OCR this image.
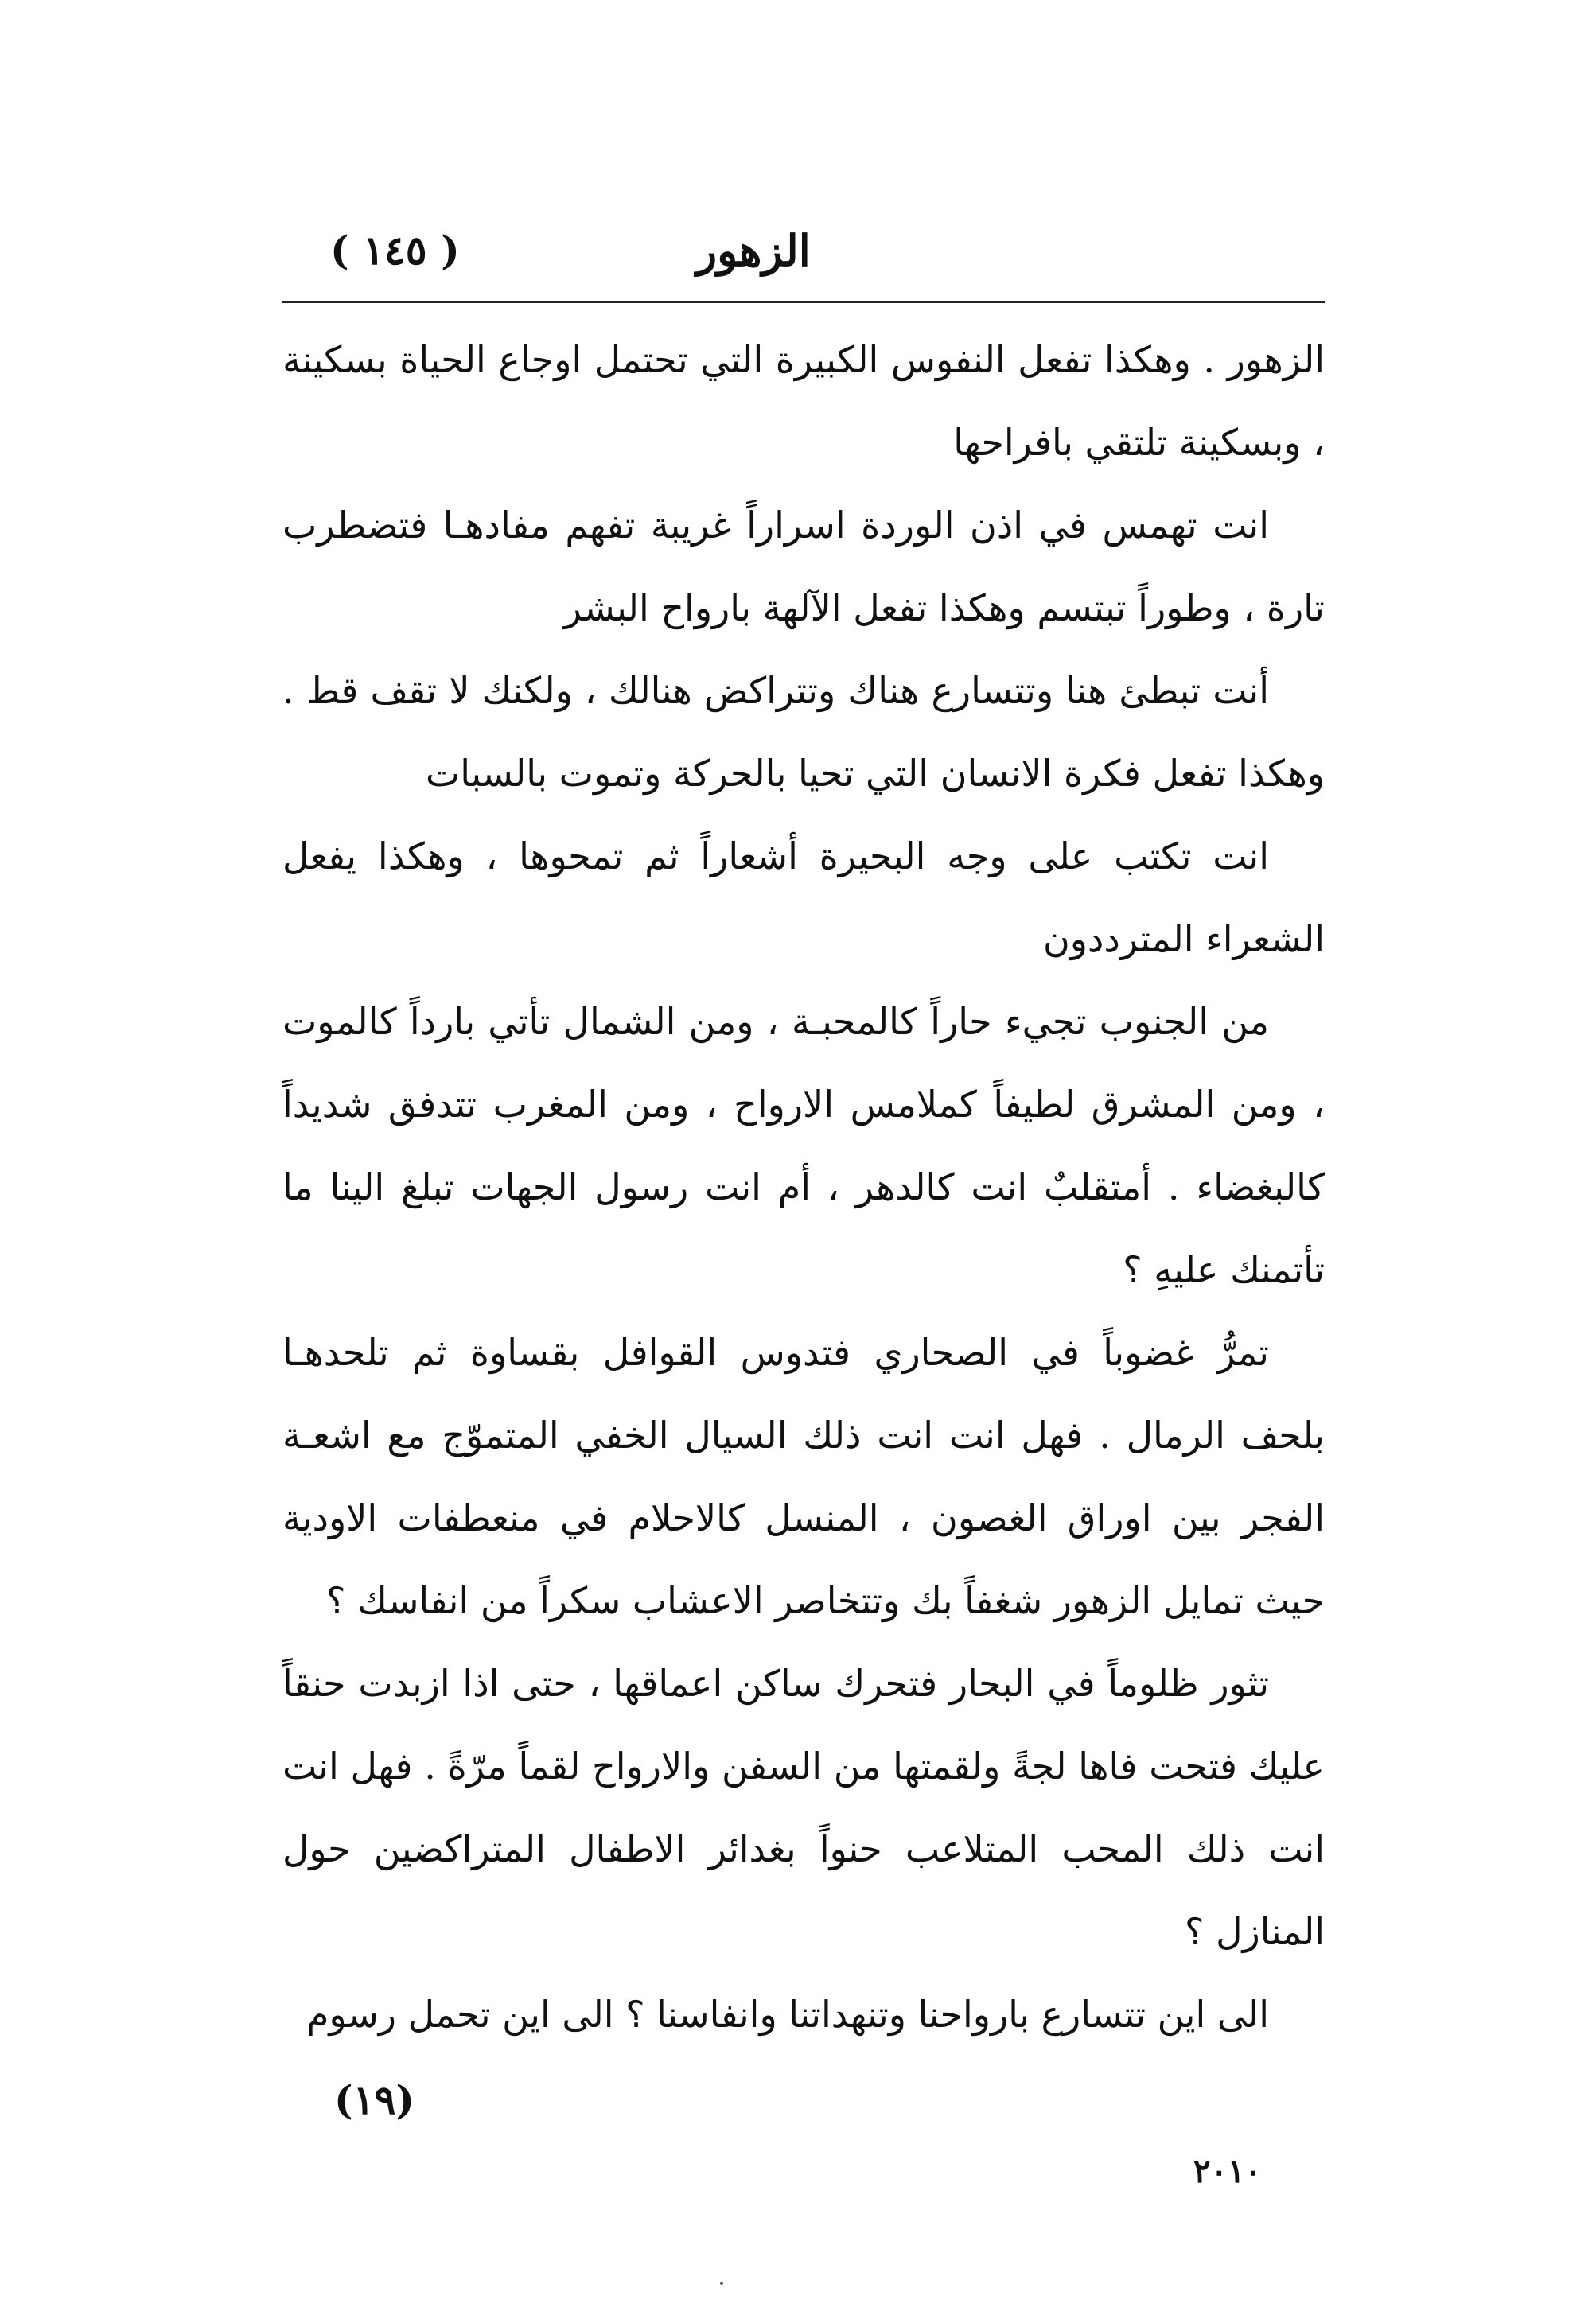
( ١٤٥ )	الزهور

الزهور . وهكذا تفعل النفوس الكبيرة التي تحتمل اوجاع الحياة بسكينة ، وبسكينة تلتقي بافراحها

انت تهمس في اذن الوردة اسراراً غريبة تفهم مفادهـا فتضطرب تارة ، وطوراً تبتسم وهكذا تفعل الآلهة بارواح البشر

أنت تبطئ هنا وتتسارع هناك وتتراكض هنالك ، ولكنك لا تقف قط . وهكذا تفعل فكرة الانسان التي تحيا بالحركة وتموت بالسبات

انت تكتب على وجه البحيرة أشعاراً ثم تمحوها ، وهكذا يفعل الشعراء المترددون

من الجنوب تجيء حاراً كالمحبـة ، ومن الشمال تأتي بارداً كالموت ، ومن المشرق لطيفاً كملامس الارواح ، ومن المغرب تتدفق شديداً كالبغضاء . أمتقلبٌ انت كالدهر ، أم انت رسول الجهات تبلغ الينا ما تأتمنك عليهِ ؟

تمرُّ غضوباً في الصحاري فتدوس القوافل بقساوة ثم تلحدهـا بلحف الرمال . فهل انت انت ذلك السيال الخفي المتموّج مع اشعـة الفجر بين اوراق الغصون ، المنسل كالاحلام في منعطفات الاودية حيث تمايل الزهور شغفاً بك وتتخاصر الاعشاب سكراً من انفاسك ؟

تثور ظلوماً في البحار فتحرك ساكن اعماقها ، حتى اذا ازبدت حنقاً عليك فتحت فاها لجةً ولقمتها من السفن والارواح لقماً مرّةً . فهل انت انت ذلك المحب المتلاعب حنواً بغدائر الاطفال المتراكضين حول المنازل ؟

الى اين تتسارع بارواحنا وتنهداتنا وانفاسنا ؟ الى اين تحمل رسوم

(١٩)
٢٠١٠
